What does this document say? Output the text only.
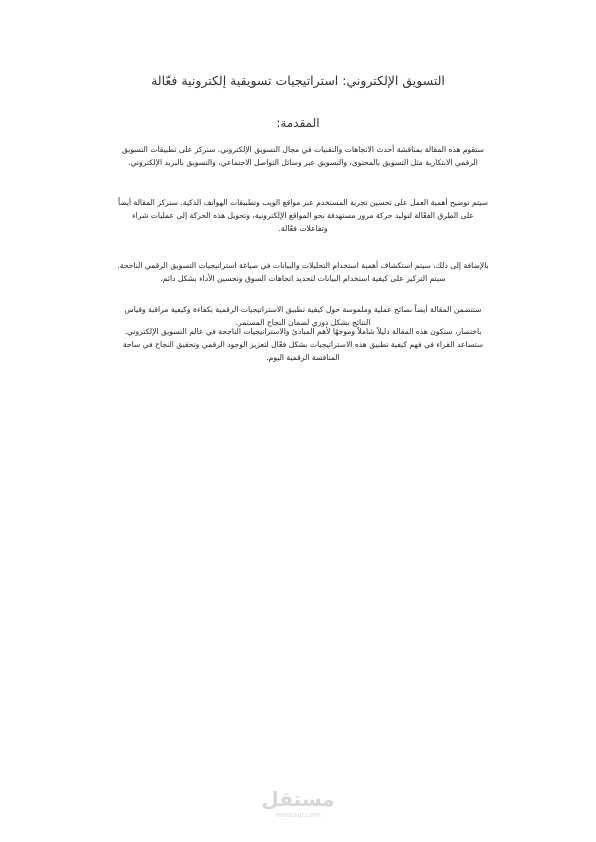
التسويق الإلكتروني: استراتيجيات تسويقية إلكترونية فعّالة
المقدمة:
ستقوم هذه المقالة بمناقشة أحدث الاتجاهات والتقنيات في مجال التسويق الإلكتروني. سنركز على تطبيقات التسويق
الرقمي الابتكارية مثل التسويق بالمحتوى، والتسويق عبر وسائل التواصل الاجتماعي، والتسويق بالبريد الإلكتروني.
سيتم توضيح أهمية العمل على تحسين تجربة المستخدم عبر مواقع الويب وتطبيقات الهواتف الذكية. ستركز المقالة أيضاً
على الطرق الفعّالة لتوليد حركة مرور مستهدفة نحو المواقع الإلكترونية، وتحويل هذه الحركة إلى عمليات شراء
وتفاعلات فعّالة.
بالإضافة إلى ذلك، سيتم استكشاف أهمية استخدام التحليلات والبيانات في صياغة استراتيجيات التسويق الرقمي الناجحة.
سيتم التركيز على كيفية استخدام البيانات لتحديد اتجاهات السوق وتحسين الأداء بشكل دائم.
ستتضمن المقالة أيضاً نصائح عملية وملموسة حول كيفية تطبيق الاستراتيجيات الرقمية بكفاءة وكيفية مراقبة وقياس
النتائج بشكل دوري لضمان النجاح المستمر.
باختصار، ستكون هذه المقالة دليلاً شاملاً وموجهًا لأهم المبادئ والاستراتيجيات الناجحة في عالم التسويق الإلكتروني.
ستساعد القراء في فهم كيفية تطبيق هذه الاستراتيجيات بشكل فعّال لتعزيز الوجود الرقمي وتحقيق النجاح في ساحة
المنافسة الرقمية اليوم.
مستقل
mostaql.com
